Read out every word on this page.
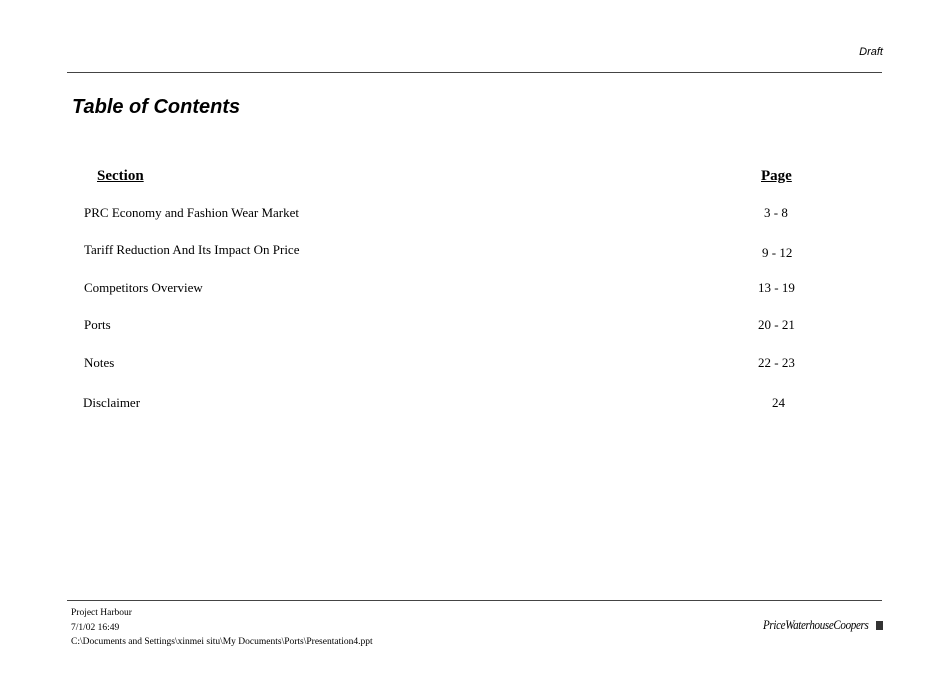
Draft
Table of Contents
Section	Page
PRC Economy and Fashion Wear Market	3 - 8
Tariff Reduction And Its Impact On Price	9 - 12
Competitors Overview	13 - 19
Ports	20 - 21
Notes	22 - 23
Disclaimer	24
Project Harbour
7/1/02 16:49
C:\Documents and Settings\xinmei situ\My Documents\Ports\Presentation4.ppt
PriceWaterhouseCoopers
